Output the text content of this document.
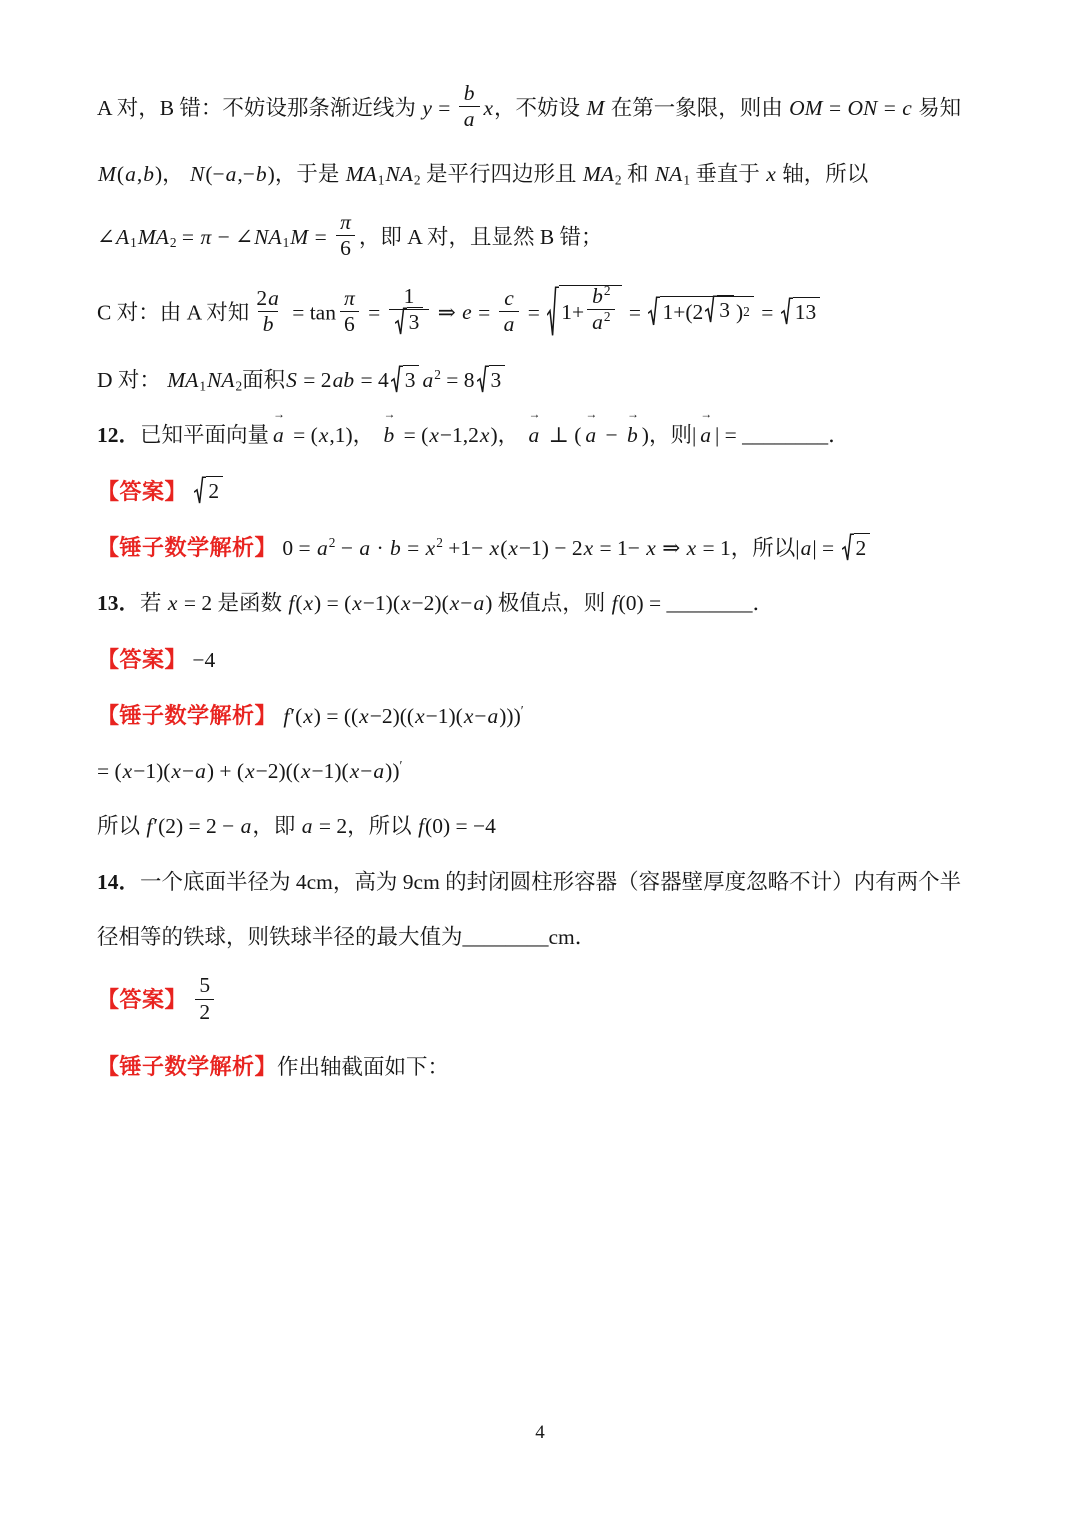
A 对，B 错：不妨设那条渐近线为 $y = \frac{b}{a}$ x，不妨设 M 在第一象限，则由 OM = ON = c 易知
M(a,b)， N(−a,−b)，于是 $MA_1NA_2$ 是平行四边形且 $MA_2$ 和 $NA_1$ 垂直于 x 轴，所以
$\angle A_1MA_2 = \pi$ − $\angle NA_1M = \frac{\pi}{6}$ ，即 A 对，且显然 B 错；
C 对：由 A 对知 $\frac{2a}{b} = \tan \frac{\pi}{6} = \frac{1}{3}$ ⇒ $e = \frac{c}{a} = 1+ \frac{b^2}{a^2} = 1+(2$ 3 ) 2 = 13
D 对： $MA_1NA_2$面积S = 2ab = 4 3 $a^2 = 8$ 3
12．已知平面向量
→
a = (x,1)，
→
b = (x−1,2x)，
→
a ⊥ (
→
a −
→
b )，则|
→
a | = ________．
【答案】 2
【锤子数学解析】 $0 = a^2 - a \cdot b = x^2 +1- x(x-1) - 2x = 1- x$ ⇒ x = 1，所以|a| = 2
13．若 x = 2 是函数 f(x) = (x−1)(x−2)(x−a) 极值点，则 f(0) = ________．
【答案】 −4
【锤子数学解析】 f′(x) = ((x−2)((x−1)(x−a)))′
= (x−1)(x−a) + (x−2)((x−1)(x−a))′
所以 f′(2) = 2 − a，即 a = 2，所以 f(0) = −4
14．一个底面半径为 4cm，高为 9cm 的封闭圆柱形容器（容器壁厚度忽略不计）内有两个半
径相等的铁球，则铁球半径的最大值为________cm．
【答案】 $\frac{5}{2}$
【锤子数学解析】作出轴截面如下：
4
